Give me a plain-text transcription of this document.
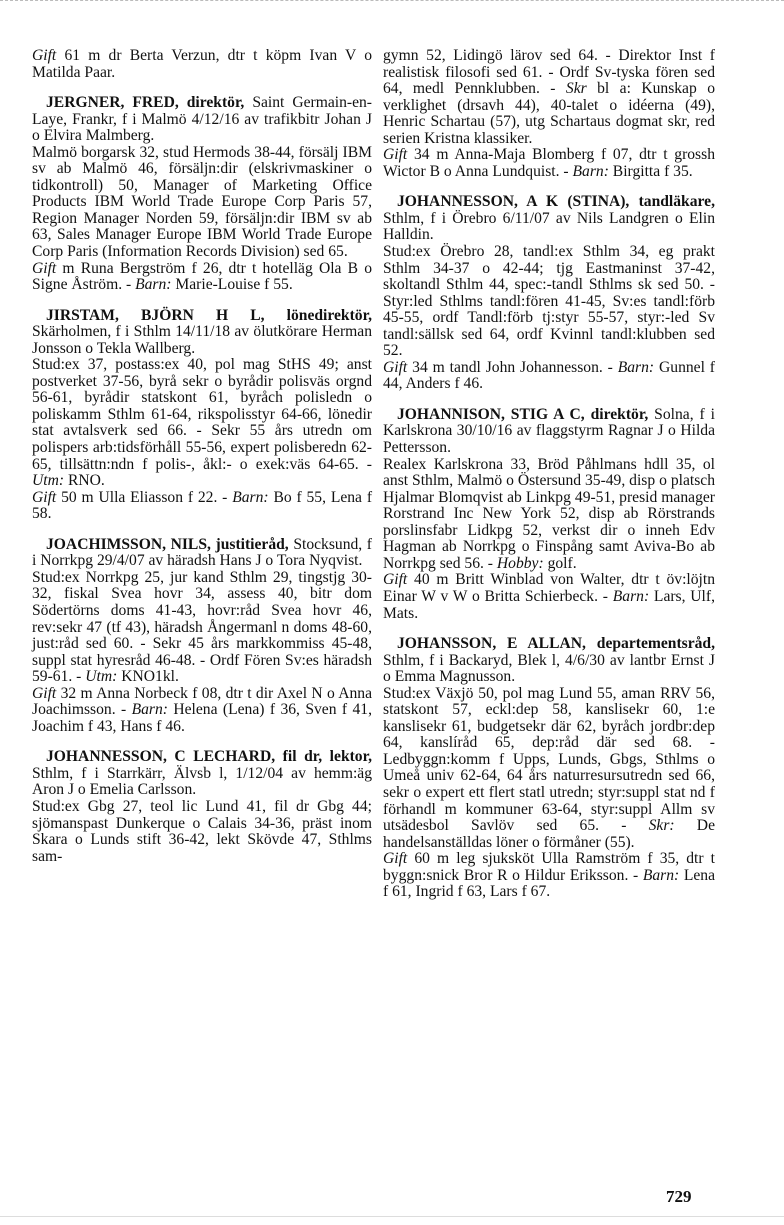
Gift 61 m dr Berta Verzun, dtr t köpm Ivan V o Matilda Paar.

JERGNER, FRED, direktör, Saint Germain-en-Laye, Frankr, f i Malmö 4/12/16 av trafikbitr Johan J o Elvira Malmberg.

Malmö borgarsk 32, stud Hermods 38-44, försälj IBM sv ab Malmö 46, försäljn:dir (elskrivmaskiner o tidkontroll) 50, Manager of Marketing Office Products IBM World Trade Europe Corp Paris 57, Region Manager Norden 59, försäljn:dir IBM sv ab 63, Sales Manager Europe IBM World Trade Europe Corp Paris (Information Records Division) sed 65.

Gift m Runa Bergström f 26, dtr t hotelläg Ola B o Signe Åström. - Barn: Marie-Louise f 55.

JIRSTAM, BJÖRN H L, lönedirektör, Skärholmen, f i Sthlm 14/11/18 av ölutkörare Herman Jonsson o Tekla Wallberg.

Stud:ex 37, postass:ex 40, pol mag StHS 49; anst postverket 37-56, byrå sekr o byrådir polisväs orgnd 56-61, byrådir statskont 61, byråch polisledn o poliskamm Sthlm 61-64, rikspolisstyr 64-66, lönedir stat avtalsverk sed 66. - Sekr 55 års utredn om polispers arb:tidsförhåll 55-56, expert polisberedn 62-65, tillsättn:ndn f polis-, åkl:- o exek:väs 64-65. - Utm: RNO.

Gift 50 m Ulla Eliasson f 22. - Barn: Bo f 55, Lena f 58.

JOACHIMSSON, NILS, justitieråd, Stocksund, f i Norrkpg 29/4/07 av häradsh Hans J o Tora Nyqvist.

Stud:ex Norrkpg 25, jur kand Sthlm 29, tingstjg 30-32, fiskal Svea hovr 34, assess 40, bitr dom Södertörns doms 41-43, hovr:råd Svea hovr 46, rev:sekr 47 (tf 43), häradsh Ångermanl n doms 48-60, just:råd sed 60. - Sekr 45 års markkommiss 45-48, suppl stat hyresråd 46-48. - Ordf Fören Sv:es häradsh 59-61. - Utm: KNO1kl.

Gift 32 m Anna Norbeck f 08, dtr t dir Axel N o Anna Joachimsson. - Barn: Helena (Lena) f 36, Sven f 41, Joachim f 43, Hans f 46.

JOHANNESSON, C LECHARD, fil dr, lektor, Sthlm, f i Starrkärr, Älvsb l, 1/12/04 av hemm:äg Aron J o Emelia Carlsson.

Stud:ex Gbg 27, teol lic Lund 41, fil dr Gbg 44; sjömanspast Dunkerque o Calais 34-36, präst inom Skara o Lunds stift 36-42, lekt Skövde 47, Sthlms sam-

gymn 52, Lidingö lärov sed 64. - Direktor Inst f realistisk filosofi sed 61. - Ordf Sv-tyska fören sed 64, medl Pennklubben. - Skr bl a: Kunskap o verklighet (drsavh 44), 40-talet o idéerna (49), Henric Schartau (57), utg Schartaus dogmat skr, red serien Kristna klassiker.

Gift 34 m Anna-Maja Blomberg f 07, dtr t grossh Wictor B o Anna Lundquist. - Barn: Birgitta f 35.

JOHANNESSON, A K (STINA), tandläkare, Sthlm, f i Örebro 6/11/07 av Nils Landgren o Elin Halldin.

Stud:ex Örebro 28, tandl:ex Sthlm 34, eg prakt Sthlm 34-37 o 42-44; tjg Eastmaninst 37-42, skoltandl Sthlm 44, spec:-tandl Sthlms sk sed 50. - Styr:led Sthlms tandl:fören 41-45, Sv:es tandl:förb 45-55, ordf Tandl:förb tj:styr 55-57, styr:-led Sv tandl:sällsk sed 64, ordf Kvinnl tandl:klubben sed 52.

Gift 34 m tandl John Johannesson. - Barn: Gunnel f 44, Anders f 46.

JOHANNISON, STIG A C, direktör, Solna, f i Karlskrona 30/10/16 av flaggstyrm Ragnar J o Hilda Pettersson.

Realex Karlskrona 33, Bröd Påhlmans hdll 35, ol anst Sthlm, Malmö o Östersund 35-49, disp o platsch Hjalmar Blomqvist ab Linkpg 49-51, presid manager Rorstrand Inc New York 52, disp ab Rörstrands porslinsfabr Lidkpg 52, verkst dir o inneh Edv Hagman ab Norrkpg o Finspång samt Aviva-Bo ab Norrkpg sed 56. - Hobby: golf.

Gift 40 m Britt Winblad von Walter, dtr t öv:löjtn Einar W v W o Britta Schierbeck. - Barn: Lars, Ulf, Mats.

JOHANSSON, E ALLAN, departementsråd, Sthlm, f i Backaryd, Blek l, 4/6/30 av lantbr Ernst J o Emma Magnusson.

Stud:ex Växjö 50, pol mag Lund 55, aman RRV 56, statskont 57, eckl:dep 58, kanslisekr 60, 1:e kanslisekr 61, budgetsekr där 62, byråch jordbr:dep 64, kanslíråd 65, dep:råd där sed 68. - Ledbyggn:komm f Upps, Lunds, Gbgs, Sthlms o Umeå univ 62-64, 64 års naturresursutredn sed 66, sekr o expert ett flert statl utredn; styr:suppl stat nd f förhandl m kommuner 63-64, styr:suppl Allm sv utsädesbol Savlöv sed 65. - Skr: De handelsanställdas löner o förmåner (55).

Gift 60 m leg sjuksköt Ulla Ramström f 35, dtr t byggn:snick Bror R o Hildur Eriksson. - Barn: Lena f 61, Ingrid f 63, Lars f 67.

729
